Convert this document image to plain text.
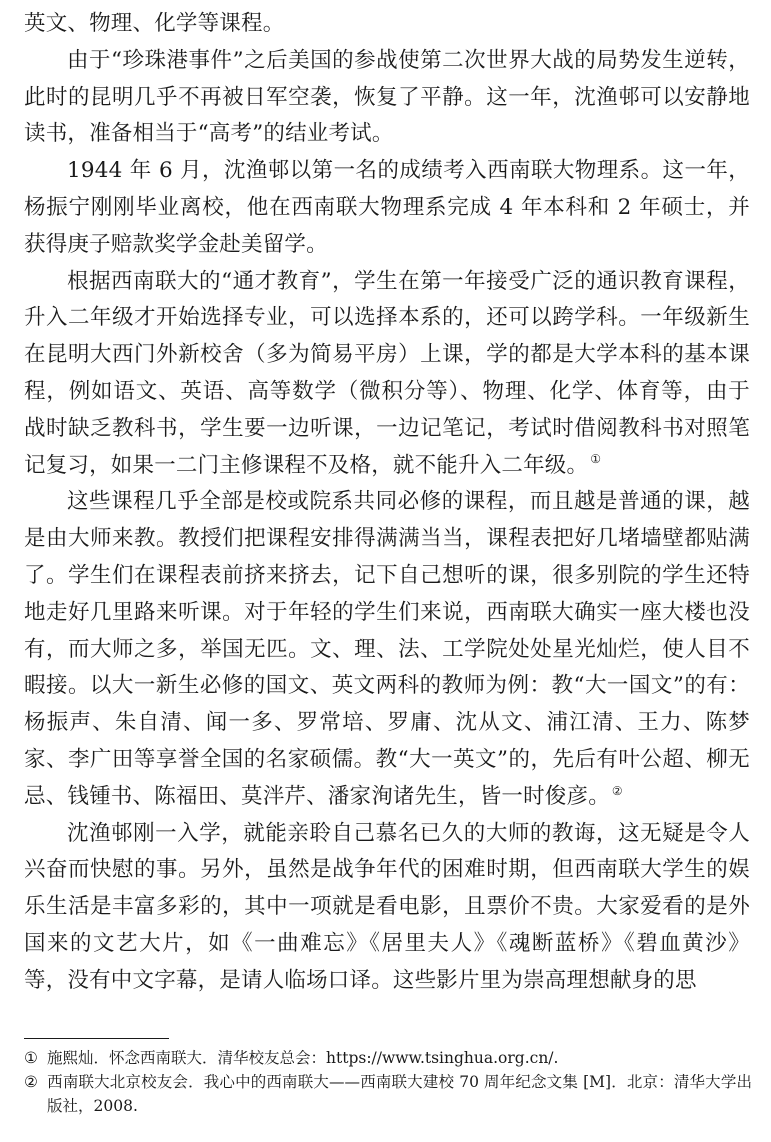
英文、物理、化学等课程。

由于“珍珠港事件”之后美国的参战使第二次世界大战的局势发生逆转，此时的昆明几乎不再被日军空袭，恢复了平静。这一年，沈渔邨可以安静地读书，准备相当于“高考”的结业考试。

1944 年 6 月，沈渔邨以第一名的成绩考入西南联大物理系。这一年，杨振宁刚刚毕业离校，他在西南联大物理系完成 4 年本科和 2 年硕士，并获得庚子赔款奖学金赴美留学。

根据西南联大的“通才教育”，学生在第一年接受广泛的通识教育课程，升入二年级才开始选择专业，可以选择本系的，还可以跨学科。一年级新生在昆明大西门外新校舍（多为简易平房）上课，学的都是大学本科的基本课程，例如语文、英语、高等数学（微积分等）、物理、化学、体育等，由于战时缺乏教科书，学生要一边听课，一边记笔记，考试时借阅教科书对照笔记复习，如果一二门主修课程不及格，就不能升入二年级。 ①

这些课程几乎全部是校或院系共同必修的课程，而且越是普通的课，越是由大师来教。教授们把课程安排得满满当当，课程表把好几堵墙壁都贴满了。学生们在课程表前挤来挤去，记下自己想听的课，很多别院的学生还特地走好几里路来听课。对于年轻的学生们来说，西南联大确实一座大楼也没有，而大师之多，举国无匹。文、理、法、工学院处处星光灿烂，使人目不暇接。以大一新生必修的国文、英文两科的教师为例：教“大一国文”的有：杨振声、朱自清、闻一多、罗常培、罗庸、沈从文、浦江清、王力、陈梦家、李广田等享誉全国的名家硕儒。教“大一英文”的，先后有叶公超、柳无忌、钱锺书、陈福田、莫泮芹、潘家洵诸先生，皆一时俊彦。 ②

沈渔邨刚一入学，就能亲聆自己慕名已久的大师的教诲，这无疑是令人兴奋而快慰的事。另外，虽然是战争年代的困难时期，但西南联大学生的娱乐生活是丰富多彩的，其中一项就是看电影，且票价不贵。大家爱看的是外国来的文艺大片，如《一曲难忘》《居里夫人》《魂断蓝桥》《碧血黄沙》等，没有中文字幕，是请人临场口译。这些影片里为崇高理想献身的思

① 施熙灿．怀念西南联大．清华校友总会：https://www.tsinghua.org.cn/.

② 西南联大北京校友会．我心中的西南联大——西南联大建校 70 周年纪念文集 [M]．北京：清华大学出版社，2008.
